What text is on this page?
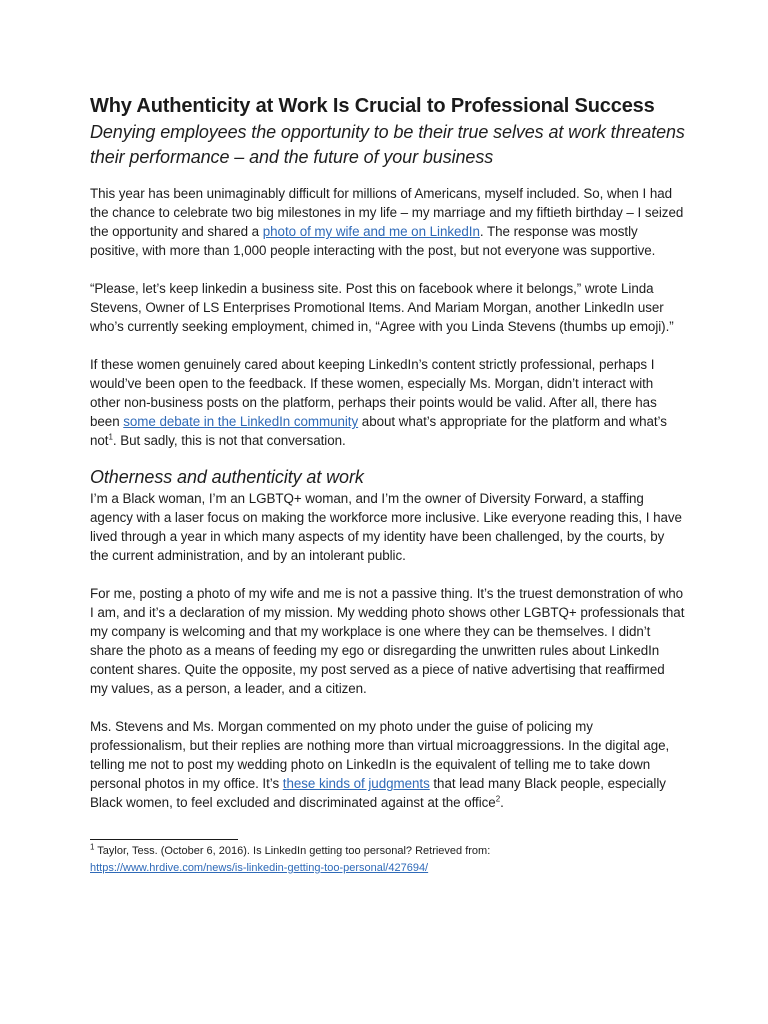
Why Authenticity at Work Is Crucial to Professional Success

Denying employees the opportunity to be their true selves at work threatens their performance – and the future of your business

This year has been unimaginably difficult for millions of Americans, myself included. So, when I had the chance to celebrate two big milestones in my life – my marriage and my fiftieth birthday – I seized the opportunity and shared a photo of my wife and me on LinkedIn. The response was mostly positive, with more than 1,000 people interacting with the post, but not everyone was supportive.

“Please, let’s keep linkedin a business site. Post this on facebook where it belongs,” wrote Linda Stevens, Owner of LS Enterprises Promotional Items. And Mariam Morgan, another LinkedIn user who’s currently seeking employment, chimed in, “Agree with you Linda Stevens (thumbs up emoji).”

If these women genuinely cared about keeping LinkedIn’s content strictly professional, perhaps I would’ve been open to the feedback. If these women, especially Ms. Morgan, didn’t interact with other non-business posts on the platform, perhaps their points would be valid. After all, there has been some debate in the LinkedIn community about what’s appropriate for the platform and what’s not$^1$. But sadly, this is not that conversation.

Otherness and authenticity at work

I’m a Black woman, I’m an LGBTQ+ woman, and I’m the owner of Diversity Forward, a staffing agency with a laser focus on making the workforce more inclusive. Like everyone reading this, I have lived through a year in which many aspects of my identity have been challenged, by the courts, by the current administration, and by an intolerant public.

For me, posting a photo of my wife and me is not a passive thing. It’s the truest demonstration of who I am, and it’s a declaration of my mission. My wedding photo shows other LGBTQ+ professionals that my company is welcoming and that my workplace is one where they can be themselves. I didn’t share the photo as a means of feeding my ego or disregarding the unwritten rules about LinkedIn content shares. Quite the opposite, my post served as a piece of native advertising that reaffirmed my values, as a person, a leader, and a citizen.

Ms. Stevens and Ms. Morgan commented on my photo under the guise of policing my professionalism, but their replies are nothing more than virtual microaggressions. In the digital age, telling me not to post my wedding photo on LinkedIn is the equivalent of telling me to take down personal photos in my office. It’s these kinds of judgments that lead many Black people, especially Black women, to feel excluded and discriminated against at the office$^2$.

$^1$ Taylor, Tess. (October 6, 2016). Is LinkedIn getting too personal? Retrieved from:
https://www.hrdive.com/news/is-linkedin-getting-too-personal/427694/
